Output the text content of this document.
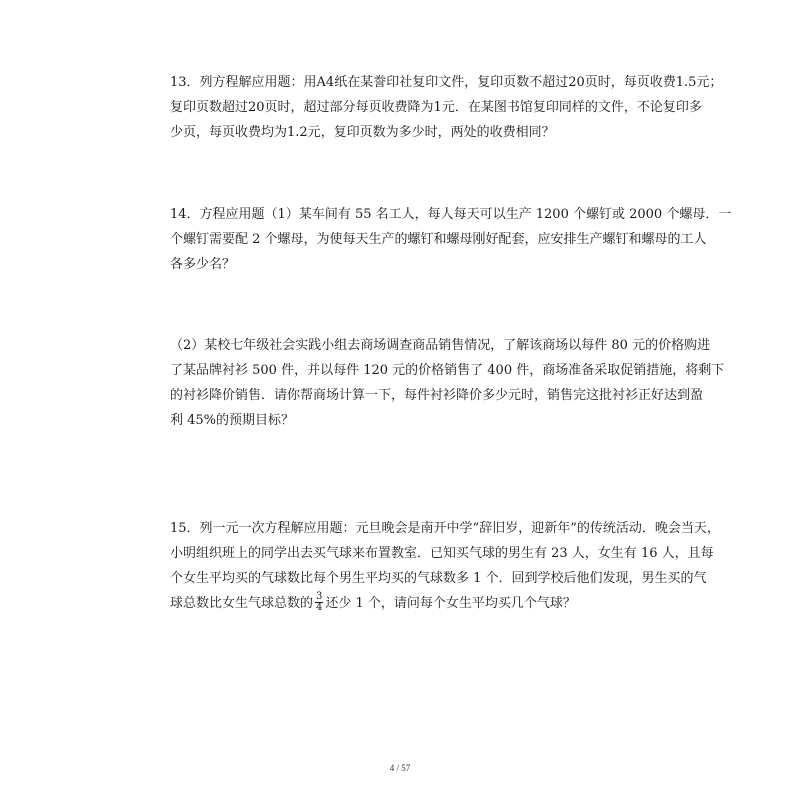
13．列方程解应用题：用A4纸在某誊印社复印文件，复印页数不超过20页时，每页收费1.5元；
复印页数超过20页时，超过部分每页收费降为1元．在某图书馆复印同样的文件，不论复印多
少页，每页收费均为1.2元，复印页数为多少时，两处的收费相同？

14．方程应用题（1）某车间有 55 名工人，每人每天可以生产 1200 个螺钉或 2000 个螺母．一
个螺钉需要配 2 个螺母，为使每天生产的螺钉和螺母刚好配套，应安排生产螺钉和螺母的工人
各多少名？

（2）某校七年级社会实践小组去商场调查商品销售情况，了解该商场以每件 80 元的价格购进
了某品牌衬衫 500 件，并以每件 120 元的价格销售了 400 件，商场准备采取促销措施，将剩下
的衬衫降价销售．请你帮商场计算一下，每件衬衫降价多少元时，销售完这批衬衫正好达到盈
利 45%的预期目标？

15．列一元一次方程解应用题：元旦晚会是南开中学“辞旧岁，迎新年”的传统活动．晚会当天，
小明组织班上的同学出去买气球来布置教室．已知买气球的男生有 23 人，女生有 16 人，且每
个女生平均买的气球数比每个男生平均买的气球数多 1 个．回到学校后他们发现，男生买的气
球总数比女生气球总数的 $\frac{3}{4}$ 还少 1 个，请问每个女生平均买几个气球？

4 / 57
